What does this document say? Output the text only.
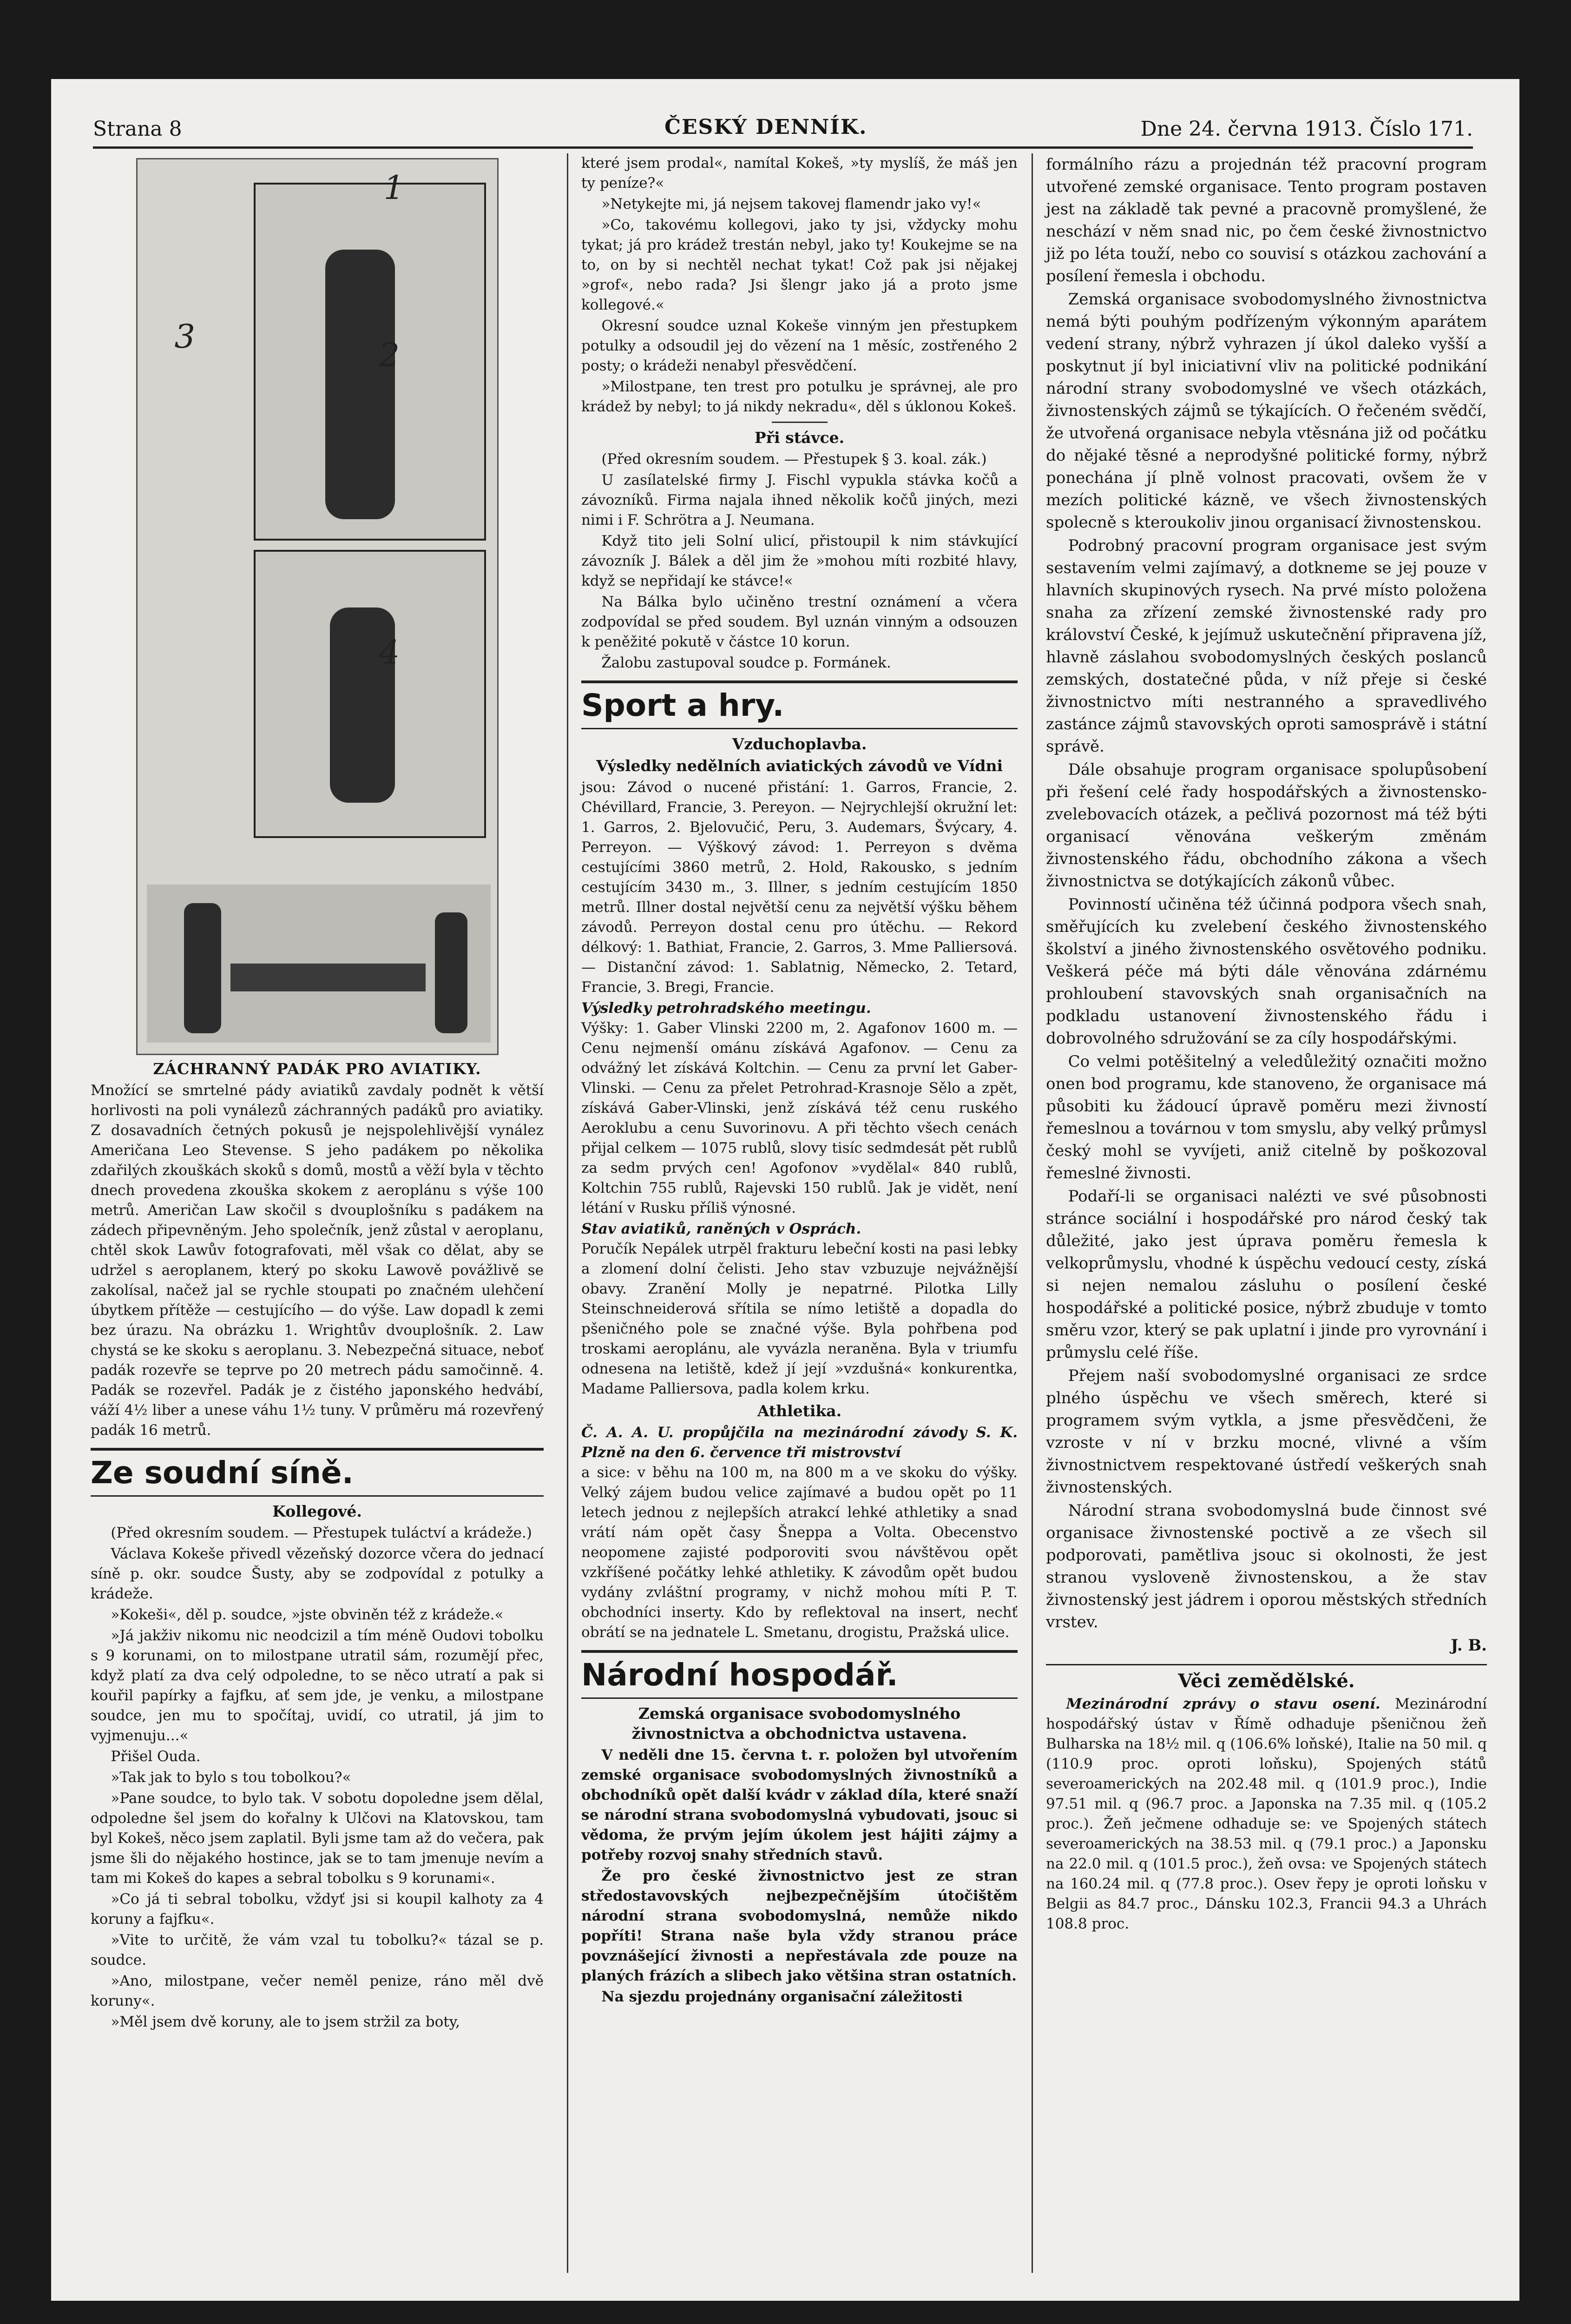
Strana 8	ČESKÝ DENNÍK.	Dne 24. června 1913. Číslo 171.
1
2
3
4
ZÁCHRANNÝ PADÁK PRO AVIATIKY.

Množící se smrtelné pády aviatiků zavdaly podnět k větší horlivosti na poli vynálezů záchranných padáků pro aviatiky. Z dosavadních četných pokusů je nejspolehlivější vynález Američana Leo Stevense. S jeho padákem po několika zdařilých zkouškách skoků s domů, mostů a věží byla v těchto dnech provedena zkouška skokem z aeroplánu s výše 100 metrů. Američan Law skočil s dvouplošníku s padákem na zádech připevněným. Jeho společník, jenž zůstal v aeroplanu, chtěl skok Lawův fotografovati, měl však co dělat, aby se udržel s aeroplanem, který po skoku Lawově povážlivě se zakolísal, načež jal se rychle stoupati po značném ulehčení úbytkem přítěže — cestujícího — do výše. Law dopadl k zemi bez úrazu. Na obrázku 1. Wrightův dvouplošník. 2. Law chystá se ke skoku s aeroplanu. 3. Nebezpečná situace, neboť padák rozevře se teprve po 20 metrech pádu samočinně. 4. Padák se rozevřel. Padák je z čistého japonského hedvábí, váží 4½ liber a unese váhu 1½ tuny. V průměru má rozevřený padák 16 metrů.

Ze soudní síně.
Kollegové.

(Před okresním soudem. — Přestupek tuláctví a krádeže.)

Václava Kokeše přivedl vězeňský dozorce včera do jednací síně p. okr. soudce Šusty, aby se zodpovídal z potulky a krádeže.

»Kokeši«, děl p. soudce, »jste obviněn též z krádeže.«

»Já jakživ nikomu nic neodcizil a tím méně Oudovi tobolku s 9 korunami, on to milostpane utratil sám, rozumějí přec, když platí za dva celý odpoledne, to se něco utratí a pak si kouřil papírky a fajfku, ať sem jde, je venku, a milostpane soudce, jen mu to spočítaj, uvidí, co utratil, já jim to vyjmenuju...«

Přišel Ouda.

»Tak jak to bylo s tou tobolkou?«

»Pane soudce, to bylo tak. V sobotu dopoledne jsem dělal, odpoledne šel jsem do kořalny k Ulčovi na Klatovskou, tam byl Kokeš, něco jsem zaplatil. Byli jsme tam až do večera, pak jsme šli do nějakého hostince, jak se to tam jmenuje nevím a tam mi Kokeš do kapes a sebral tobolku s 9 korunami«.

»Co já ti sebral tobolku, vždyť jsi si koupil kalhoty za 4 koruny a fajfku«.

»Vite to určitě, že vám vzal tu tobolku?« tázal se p. soudce.

»Ano, milostpane, večer neměl penize, ráno měl dvě koruny«.

»Měl jsem dvě koruny, ale to jsem stržil za boty,

které jsem prodal«, namítal Kokeš, »ty myslíš, že máš jen ty peníze?«

»Netykejte mi, já nejsem takovej flamendr jako vy!«

»Co, takovému kollegovi, jako ty jsi, vždycky mohu tykat; já pro krádež trestán nebyl, jako ty! Koukejme se na to, on by si nechtěl nechat tykat! Což pak jsi nějakej »grof«, nebo rada? Jsi šlengr jako já a proto jsme kollegové.«

Okresní soudce uznal Kokeše vinným jen přestupkem potulky a odsoudil jej do vězení na 1 měsíc, zostřeného 2 posty; o krádeži nenabyl přesvědčení.

»Milostpane, ten trest pro potulku je správnej, ale pro krádež by nebyl; to já nikdy nekradu«, děl s úklonou Kokeš.

Při stávce.

(Před okresním soudem. — Přestupek § 3. koal. zák.)

U zasílatelské firmy J. Fischl vypukla stávka kočů a závozníků. Firma najala ihned několik kočů jiných, mezi nimi i F. Schrötra a J. Neumana.

Když tito jeli Solní ulicí, přistoupil k nim stávkující závozník J. Bálek a děl jim že »mohou míti rozbité hlavy, když se nepřidají ke stávce!«

Na Bálka bylo učiněno trestní oznámení a včera zodpovídal se před soudem. Byl uznán vinným a odsouzen k peněžité pokutě v částce 10 korun.

Žalobu zastupoval soudce p. Formánek.

Sport a hry.
Vzduchoplavba.
Výsledky nedělních aviatických závodů ve Vídni

jsou: Závod o nucené přistání: 1. Garros, Francie, 2. Chévillard, Francie, 3. Pereyon. — Nejrychlejší okružní let: 1. Garros, 2. Bjelovučić, Peru, 3. Audemars, Švýcary, 4. Perreyon. — Výškový závod: 1. Perreyon s dvěma cestujícími 3860 metrů, 2. Hold, Rakousko, s jedním cestujícím 3430 m., 3. Illner, s jedním cestujícím 1850 metrů. Illner dostal největší cenu za největší výšku během závodů. Perreyon dostal cenu pro útěchu. — Rekord délkový: 1. Bathiat, Francie, 2. Garros, 3. Mme Palliersová. — Distanční závod: 1. Sablatnig, Německo, 2. Tetard, Francie, 3. Bregi, Francie.

Výsledky petrohradského meetingu.

Výšky: 1. Gaber Vlinski 2200 m, 2. Agafonov 1600 m. — Cenu nejmenší ománu získává Agafonov. — Cenu za odvážný let získává Koltchin. — Cenu za první let Gaber-Vlinski. — Cenu za přelet Petrohrad-Krasnoje Sělo a zpět, získává Gaber-Vlinski, jenž získává též cenu ruského Aeroklubu a cenu Suvorinovu. A při těchto všech cenách přijal celkem — 1075 rublů, slovy tisíc sedmdesát pět rublů za sedm prvých cen! Agofonov »vydělal« 840 rublů, Koltchin 755 rublů, Rajevski 150 rublů. Jak je vidět, není létání v Rusku příliš výnosné.

Stav aviatiků, raněných v Osprách.

Poručík Nepálek utrpěl frakturu lebeční kosti na pasi lebky a zlomení dolní čelisti. Jeho stav vzbuzuje nejvážnější obavy. Zranění Molly je nepatrné. Pilotka Lilly Steinschneiderová sřítila se nímo letiště a dopadla do pšeničného pole se značné výše. Byla pohřbena pod troskami aeroplánu, ale vyvázla neraněna. Byla v triumfu odnesena na letiště, kdež jí její »vzdušná« konkurentka, Madame Palliersova, padla kolem krku.

Athletika.
Č. A. A. U. propůjčila na mezinárodní závody S. K. Plzně na den 6. července tři mistrovství

a sice: v běhu na 100 m, na 800 m a ve skoku do výšky. Velký zájem budou velice zajímavé a budou opět po 11 letech jednou z nejlepších atrakcí lehké athletiky a snad vrátí nám opět časy Šneppa a Volta. Obecenstvo neopomene zajisté podporoviti svou návštěvou opět vzkříšené počátky lehké athletiky. K závodům opět budou vydány zvláštní programy, v nichž mohou míti P. T. obchodníci inserty. Kdo by reflektoval na insert, nechť obrátí se na jednatele L. Smetanu, drogistu, Pražská ulice.

Národní hospodář.
Zemská organisace svobodomyslného živnostnictva a obchodnictva ustavena.

V neděli dne 15. června t. r. položen byl utvořením zemské organisace svobodomyslných živnostníků a obchodníků opět další kvádr v základ díla, které snaží se národní strana svobodomyslná vybudovati, jsouc si vědoma, že prvým jejím úkolem jest hájiti zájmy a potřeby rozvoj snahy středních stavů.

Že pro české živnostnictvo jest ze stran středostavovských nejbezpečnějším útočištěm národní strana svobodomyslná, nemůže nikdo popříti! Strana naše byla vždy stranou práce povznášející živnosti a nepřestávala zde pouze na planých frázích a slibech jako většina stran ostatních.

Na sjezdu projednány organisační záležitosti

formálního rázu a projednán též pracovní program utvořené zemské organisace. Tento program postaven jest na základě tak pevné a pracovně promyšlené, že neschází v něm snad nic, po čem české živnostnictvo již po léta touží, nebo co souvisí s otázkou zachování a posílení řemesla i obchodu.

Zemská organisace svobodomyslného živnostnictva nemá býti pouhým podřízeným výkonným aparátem vedení strany, nýbrž vyhrazen jí úkol daleko vyšší a poskytnut jí byl iniciativní vliv na politické podnikání národní strany svobodomyslné ve všech otázkách, živnostenských zájmů se týkajících. O řečeném svědčí, že utvořená organisace nebyla vtěsnána již od počátku do nějaké těsné a neprodyšné politické formy, nýbrž ponechána jí plně volnost pracovati, ovšem že v mezích politické kázně, ve všech živnostenských spolecně s kteroukoliv jinou organisací živnostenskou.

Podrobný pracovní program organisace jest svým sestavením velmi zajímavý, a dotkneme se jej pouze v hlavních skupinových rysech. Na prvé místo položena snaha za zřízení zemské živnostenské rady pro království České, k jejímuž uskutečnění připravena jíž, hlavně záslahou svobodomyslných českých poslanců zemských, dostatečné půda, v níž přeje si české živnostnictvo míti nestranného a spravedlivého zastánce zájmů stavovských oproti samosprávě i státní správě.

Dále obsahuje program organisace spolupůsobení při řešení celé řady hospodářských a živnostensko-zvelebovacích otázek, a pečlivá pozornost má též býti organisací věnována veškerým změnám živnostenského řádu, obchodního zákona a všech živnostnictva se dotýkajících zákonů vůbec.

Povinností učiněna též účinná podpora všech snah, směřujících ku zvelebení českého živnostenského školství a jiného živnostenského osvětového podniku. Veškerá péče má býti dále věnována zdárnému prohloubení stavovských snah organisačních na podkladu ustanovení živnostenského řádu i dobrovolného sdružování se za cíly hospodářskými.

Co velmi potěšitelný a veledůležitý označiti možno onen bod programu, kde stanoveno, že organisace má působiti ku žádoucí úpravě poměru mezi živností řemeslnou a továrnou v tom smyslu, aby velký průmysl český mohl se vyvíjeti, aniž citelně by poškozoval řemeslné živnosti.

Podaří-li se organisaci nalézti ve své působnosti stránce sociální i hospodářské pro národ český tak důležité, jako jest úprava poměru řemesla k velkoprůmyslu, vhodné k úspěchu vedoucí cesty, získá si nejen nemalou zásluhu o posílení české hospodářské a politické posice, nýbrž zbuduje v tomto směru vzor, který se pak uplatní i jinde pro vyrovnání i průmyslu celé říše.

Přejem naší svobodomyslné organisaci ze srdce plného úspěchu ve všech směrech, které si programem svým vytkla, a jsme přesvědčeni, že vzroste v ní v brzku mocné, vlivné a vším živnostnictvem respektované ústředí veškerých snah živnostenských.

Národní strana svobodomyslná bude činnost své organisace živnostenské poctivě a ze všech sil podporovati, pamětliva jsouc si okolnosti, že jest stranou vysloveně živnostenskou, a že stav živnostenský jest jádrem i oporou městských středních vrstev.

J. B.
Věci zemědělské.

Mezinárodní zprávy o stavu osení. Mezinárodní hospodářský ústav v Římě odhaduje pšeničnou žeň Bulharska na 18½ mil. q (106.6% loňské), Italie na 50 mil. q (110.9 proc. oproti loňsku), Spojených států severoamerických na 202.48 mil. q (101.9 proc.), Indie 97.51 mil. q (96.7 proc. a Japonska na 7.35 mil. q (105.2 proc.). Žeň ječmene odhaduje se: ve Spojených státech severoamerických na 38.53 mil. q (79.1 proc.) a Japonsku na 22.0 mil. q (101.5 proc.), žeň ovsa: ve Spojených státech na 160.24 mil. q (77.8 proc.). Osev řepy je oproti loňsku v Belgii as 84.7 proc., Dánsku 102.3, Francii 94.3 a Uhrách 108.8 proc.
